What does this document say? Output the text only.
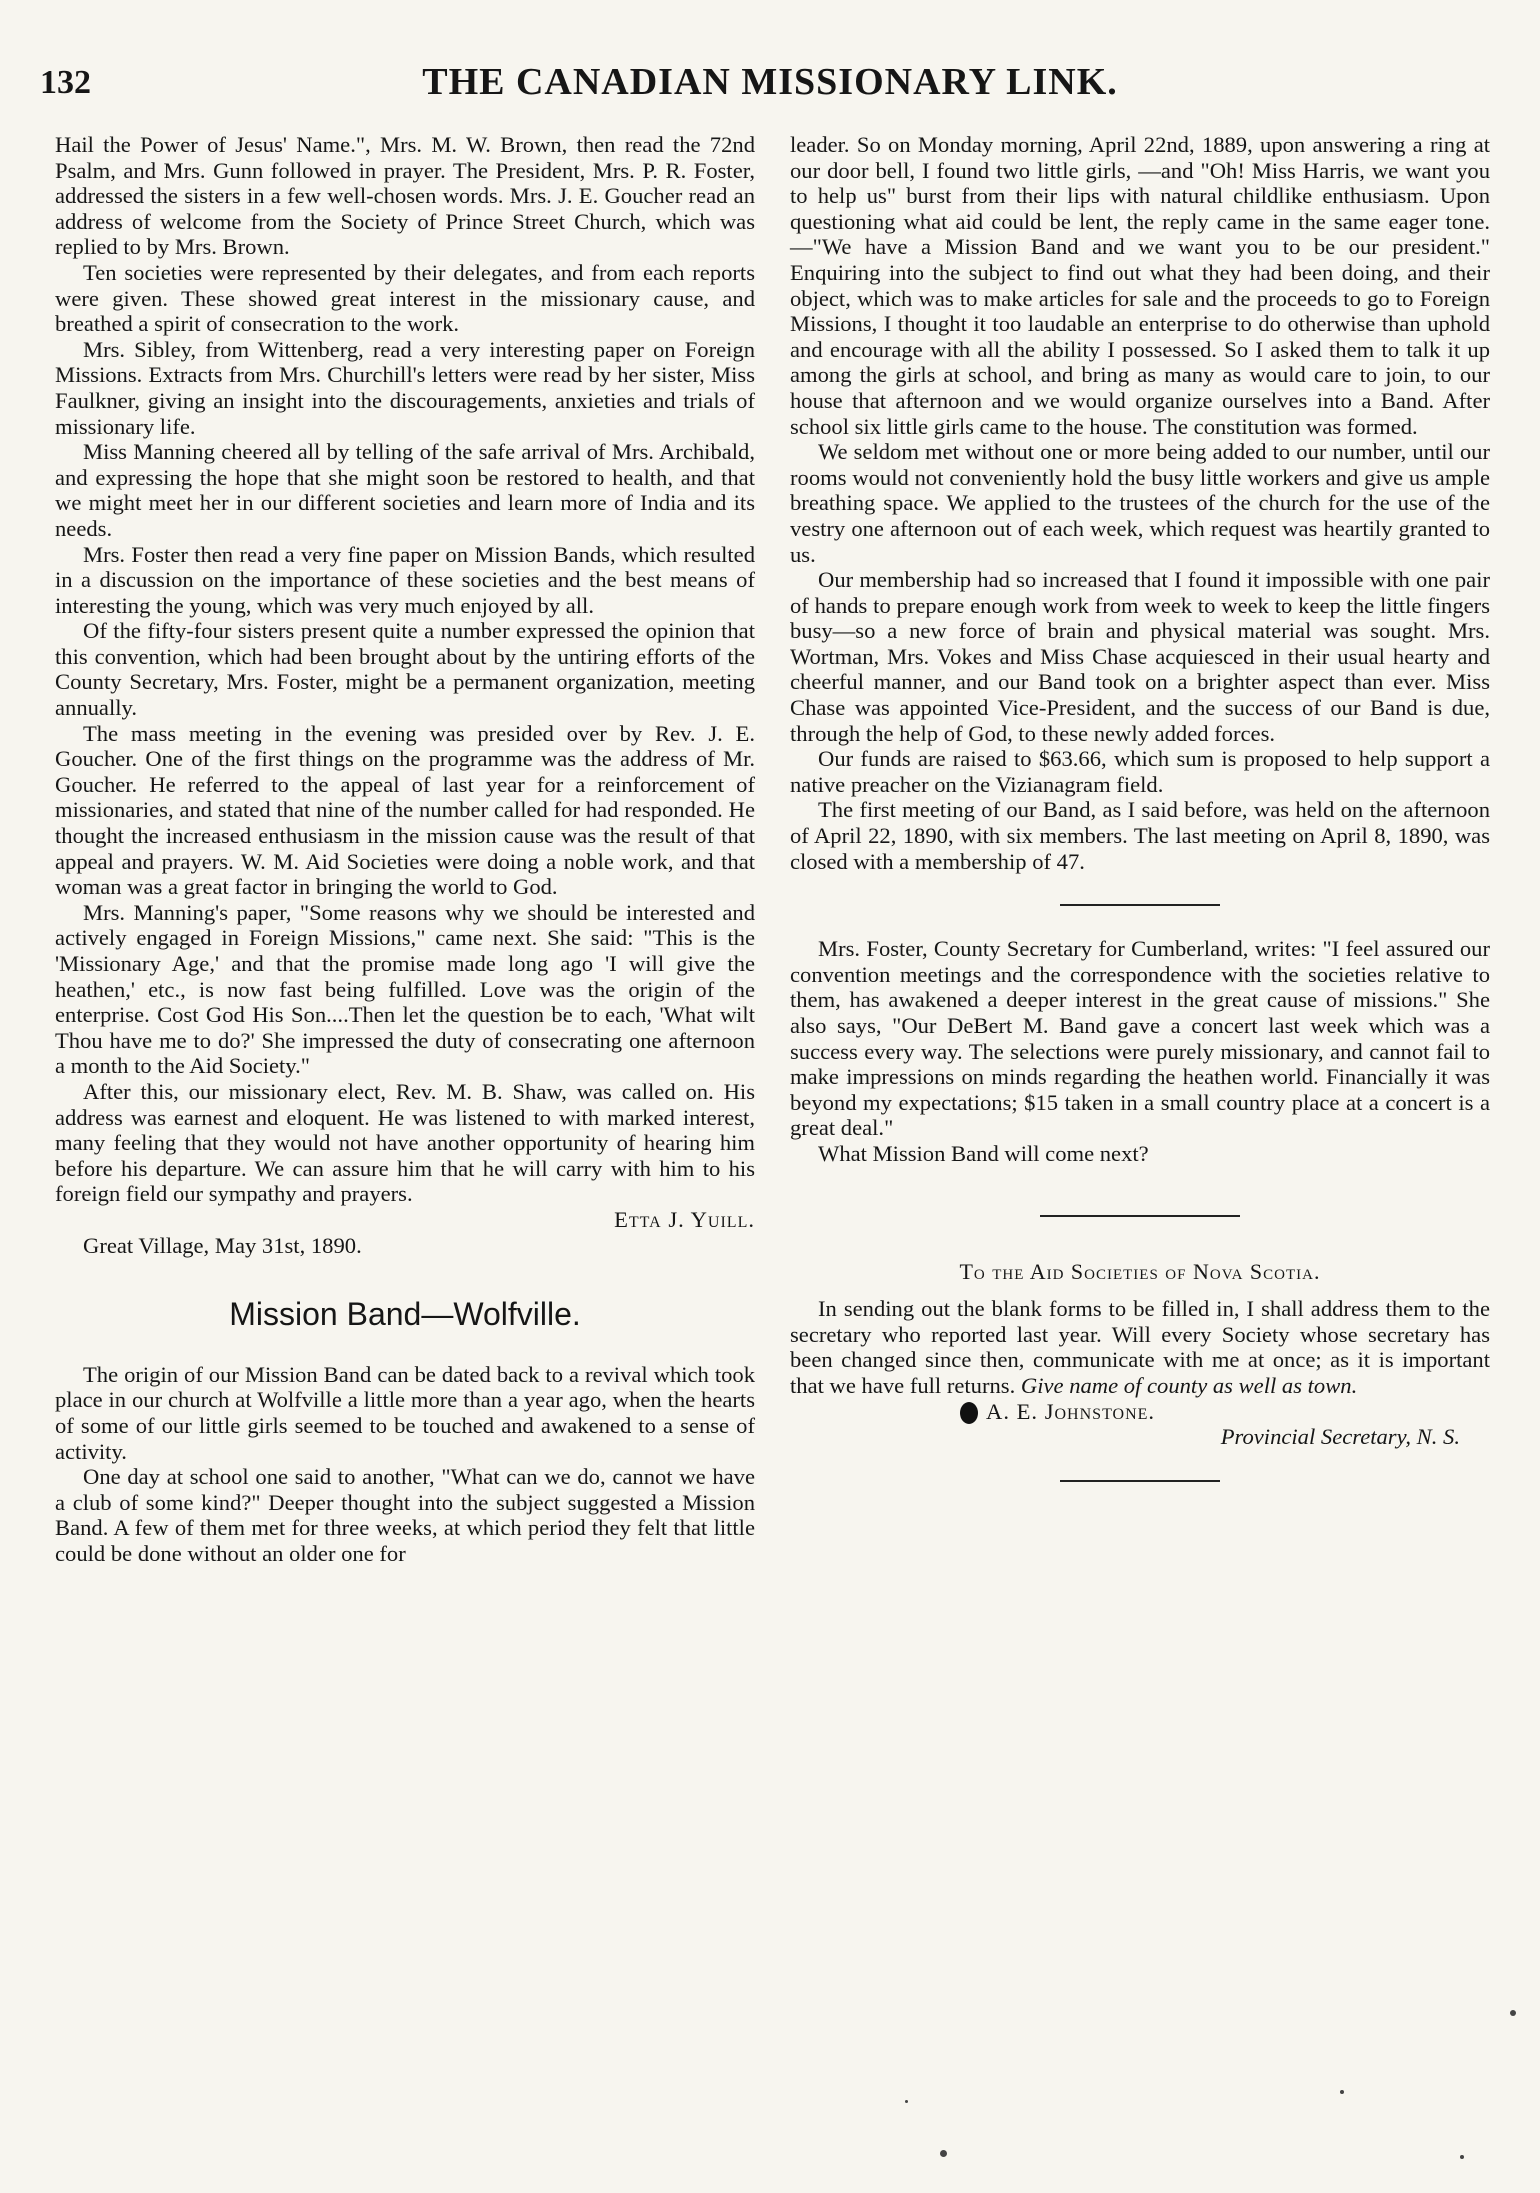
132	THE CANADIAN MISSIONARY LINK.

Hail the Power of Jesus' Name.", Mrs. M. W. Brown, then read the 72nd Psalm, and Mrs. Gunn followed in prayer. The President, Mrs. P. R. Foster, addressed the sisters in a few well-chosen words. Mrs. J. E. Goucher read an address of welcome from the Society of Prince Street Church, which was replied to by Mrs. Brown.

Ten societies were represented by their delegates, and from each reports were given. These showed great interest in the missionary cause, and breathed a spirit of consecration to the work.

Mrs. Sibley, from Wittenberg, read a very interesting paper on Foreign Missions. Extracts from Mrs. Churchill's letters were read by her sister, Miss Faulkner, giving an insight into the discouragements, anxieties and trials of missionary life.

Miss Manning cheered all by telling of the safe arrival of Mrs. Archibald, and expressing the hope that she might soon be restored to health, and that we might meet her in our different societies and learn more of India and its needs.

Mrs. Foster then read a very fine paper on Mission Bands, which resulted in a discussion on the importance of these societies and the best means of interesting the young, which was very much enjoyed by all.

Of the fifty-four sisters present quite a number expressed the opinion that this convention, which had been brought about by the untiring efforts of the County Secretary, Mrs. Foster, might be a permanent organization, meeting annually.

The mass meeting in the evening was presided over by Rev. J. E. Goucher. One of the first things on the programme was the address of Mr. Goucher. He referred to the appeal of last year for a reinforcement of missionaries, and stated that nine of the number called for had responded. He thought the increased enthusiasm in the mission cause was the result of that appeal and prayers. W. M. Aid Societies were doing a noble work, and that woman was a great factor in bringing the world to God.

Mrs. Manning's paper, "Some reasons why we should be interested and actively engaged in Foreign Missions," came next. She said: "This is the 'Missionary Age,' and that the promise made long ago 'I will give the heathen,' etc., is now fast being fulfilled. Love was the origin of the enterprise. Cost God His Son....Then let the question be to each, 'What wilt Thou have me to do?' She impressed the duty of consecrating one afternoon a month to the Aid Society."

After this, our missionary elect, Rev. M. B. Shaw, was called on. His address was earnest and eloquent. He was listened to with marked interest, many feeling that they would not have another opportunity of hearing him before his departure. We can assure him that he will carry with him to his foreign field our sympathy and prayers.

Etta J. Yuill.
Great Village, May 31st, 1890.
Mission Band—Wolfville.

The origin of our Mission Band can be dated back to a revival which took place in our church at Wolfville a little more than a year ago, when the hearts of some of our little girls seemed to be touched and awakened to a sense of activity.

One day at school one said to another, "What can we do, cannot we have a club of some kind?" Deeper thought into the subject suggested a Mission Band. A few of them met for three weeks, at which period they felt that little could be done without an older one for

leader. So on Monday morning, April 22nd, 1889, upon answering a ring at our door bell, I found two little girls, —and "Oh! Miss Harris, we want you to help us" burst from their lips with natural childlike enthusiasm. Upon questioning what aid could be lent, the reply came in the same eager tone.—"We have a Mission Band and we want you to be our president." Enquiring into the subject to find out what they had been doing, and their object, which was to make articles for sale and the proceeds to go to Foreign Missions, I thought it too laudable an enterprise to do otherwise than uphold and encourage with all the ability I possessed. So I asked them to talk it up among the girls at school, and bring as many as would care to join, to our house that afternoon and we would organize ourselves into a Band. After school six little girls came to the house. The constitution was formed.

We seldom met without one or more being added to our number, until our rooms would not conveniently hold the busy little workers and give us ample breathing space. We applied to the trustees of the church for the use of the vestry one afternoon out of each week, which request was heartily granted to us.

Our membership had so increased that I found it impossible with one pair of hands to prepare enough work from week to week to keep the little fingers busy—so a new force of brain and physical material was sought. Mrs. Wortman, Mrs. Vokes and Miss Chase acquiesced in their usual hearty and cheerful manner, and our Band took on a brighter aspect than ever. Miss Chase was appointed Vice-President, and the success of our Band is due, through the help of God, to these newly added forces.

Our funds are raised to $63.66, which sum is proposed to help support a native preacher on the Vizianagram field.

The first meeting of our Band, as I said before, was held on the afternoon of April 22, 1890, with six members. The last meeting on April 8, 1890, was closed with a membership of 47.

Mrs. Foster, County Secretary for Cumberland, writes: "I feel assured our convention meetings and the correspondence with the societies relative to them, has awakened a deeper interest in the great cause of missions." She also says, "Our DeBert M. Band gave a concert last week which was a success every way. The selections were purely missionary, and cannot fail to make impressions on minds regarding the heathen world. Financially it was beyond my expectations; $15 taken in a small country place at a concert is a great deal."

What Mission Band will come next?

To the Aid Societies of Nova Scotia.

In sending out the blank forms to be filled in, I shall address them to the secretary who reported last year. Will every Society whose secretary has been changed since then, communicate with me at once; as it is important that we have full returns. Give name of county as well as town.

A. E. Johnstone.
Provincial Secretary, N. S.
